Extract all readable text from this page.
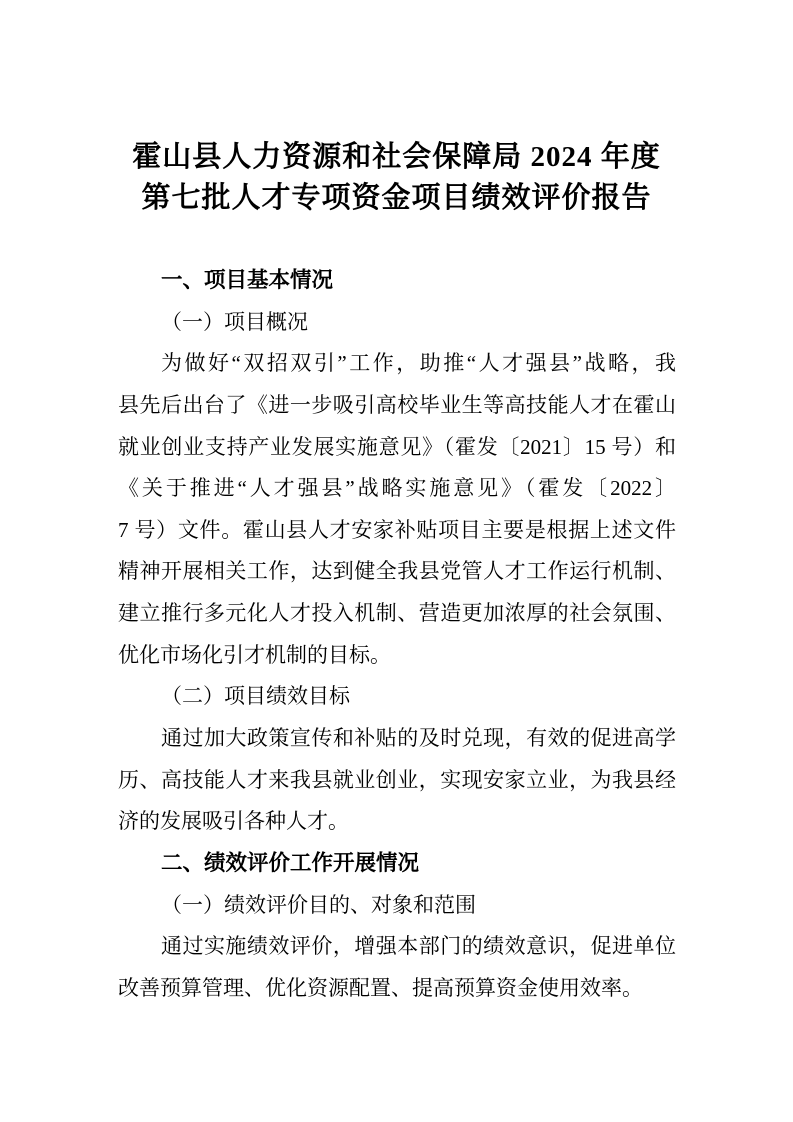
霍山县人力资源和社会保障局 2024 年度
第七批人才专项资金项目绩效评价报告
一、项目基本情况
（一）项目概况
为做好“双招双引”工作，助推“人才强县”战略，我
县先后出台了《进一步吸引高校毕业生等高技能人才在霍山
就业创业支持产业发展实施意见》（霍发〔2021〕15 号）和
《关于推进“人才强县”战略实施意见》（霍发〔2022〕
7 号）文件。霍山县人才安家补贴项目主要是根据上述文件
精神开展相关工作，达到健全我县党管人才工作运行机制、
建立推行多元化人才投入机制、营造更加浓厚的社会氛围、
优化市场化引才机制的目标。
（二）项目绩效目标
通过加大政策宣传和补贴的及时兑现，有效的促进高学
历、高技能人才来我县就业创业，实现安家立业，为我县经
济的发展吸引各种人才。
二、绩效评价工作开展情况
（一）绩效评价目的、对象和范围
通过实施绩效评价，增强本部门的绩效意识，促进单位
改善预算管理、优化资源配置、提高预算资金使用效率。
